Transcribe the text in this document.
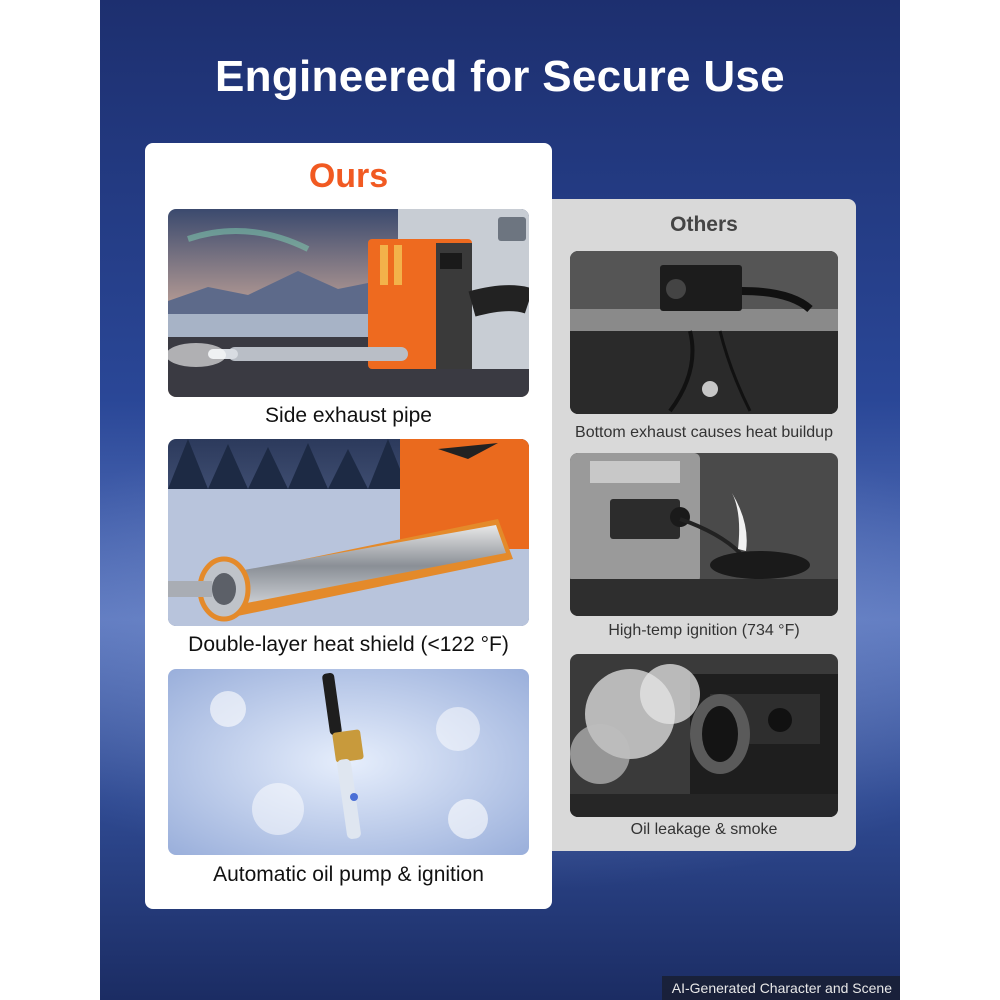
Engineered for Secure Use
Ours
Side exhaust pipe
Double-layer heat shield (<122 °F)
Automatic oil pump & ignition
Others
Bottom exhaust causes heat buildup
High-temp ignition (734 °F)
Oil leakage & smoke
AI-Generated Character and Scene
